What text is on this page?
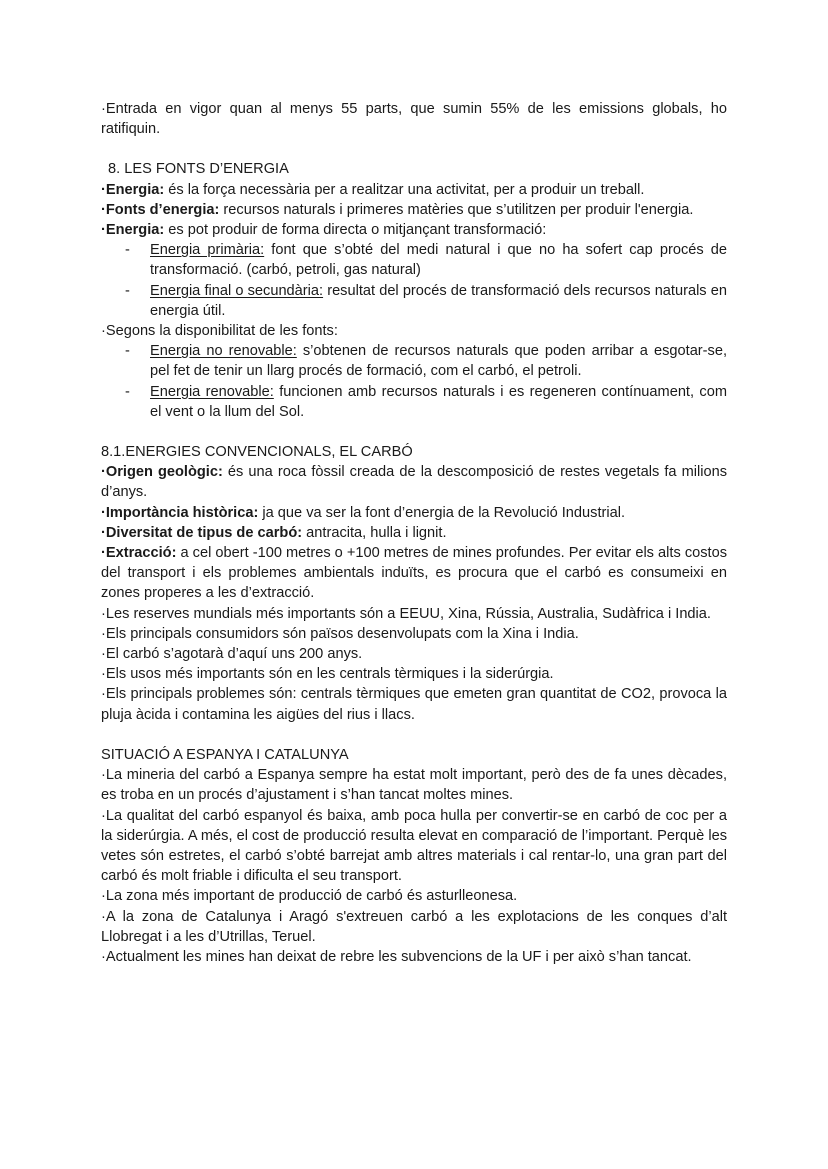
·Entrada en vigor quan al menys 55 parts, que sumin 55% de les emissions globals, ho ratifiquin.

8. LES FONTS D’ENERGIA

·Energia: és la força necessària per a realitzar una activitat, per a produir un treball.

·Fonts d’energia: recursos naturals i primeres matèries que s’utilitzen per produir l'energia.

·Energia: es pot produir de forma directa o mitjançant transformació:

- Energia primària: font que s’obté del medi natural i que no ha sofert cap procés de transformació. (carbó, petroli, gas natural)
- Energia final o secundària: resultat del procés de transformació dels recursos naturals en energia útil.

·Segons la disponibilitat de les fonts:

- Energia no renovable: s’obtenen de recursos naturals que poden arribar a esgotar-se, pel fet de tenir un llarg procés de formació, com el carbó, el petroli.
- Energia renovable: funcionen amb recursos naturals i es regeneren contínuament, com el vent o la llum del Sol.
8.1.ENERGIES CONVENCIONALS, EL CARBÓ

·Origen geològic: és una roca fòssil creada de la descomposició de restes vegetals fa milions d’anys.

·Importància històrica: ja que va ser la font d’energia de la Revolució Industrial.

·Diversitat de tipus de carbó: antracita, hulla i lignit.

·Extracció: a cel obert -100 metres o +100 metres de mines profundes. Per evitar els alts costos del transport i els problemes ambientals induïts, es procura que el carbó es consumeixi en zones properes a les d’extracció.

·Les reserves mundials més importants són a EEUU, Xina, Rússia, Australia, Sudàfrica i India.

·Els principals consumidors són països desenvolupats com la Xina i India.

·El carbó s’agotarà d’aquí uns 200 anys.

·Els usos més importants són en les centrals tèrmiques i la siderúrgia.

·Els principals problemes són: centrals tèrmiques que emeten gran quantitat de CO2, provoca la pluja àcida i contamina les aigües del rius i llacs.

SITUACIÓ A ESPANYA I CATALUNYA

·La mineria del carbó a Espanya sempre ha estat molt important, però des de fa unes dècades, es troba en un procés d’ajustament i s’han tancat moltes mines.

·La qualitat del carbó espanyol és baixa, amb poca hulla per convertir-se en carbó de coc per a la siderúrgia. A més, el cost de producció resulta elevat en comparació de l’important. Perquè les vetes són estretes, el carbó s’obté barrejat amb altres materials i cal rentar-lo, una gran part del carbó és molt friable i dificulta el seu transport.

·La zona més important de producció de carbó és asturlleonesa.

·A la zona de Catalunya i Aragó s'extreuen carbó a les explotacions de les conques d’alt Llobregat i a les d’Utrillas, Teruel.

·Actualment les mines han deixat de rebre les subvencions de la UF i per això s’han tancat.
